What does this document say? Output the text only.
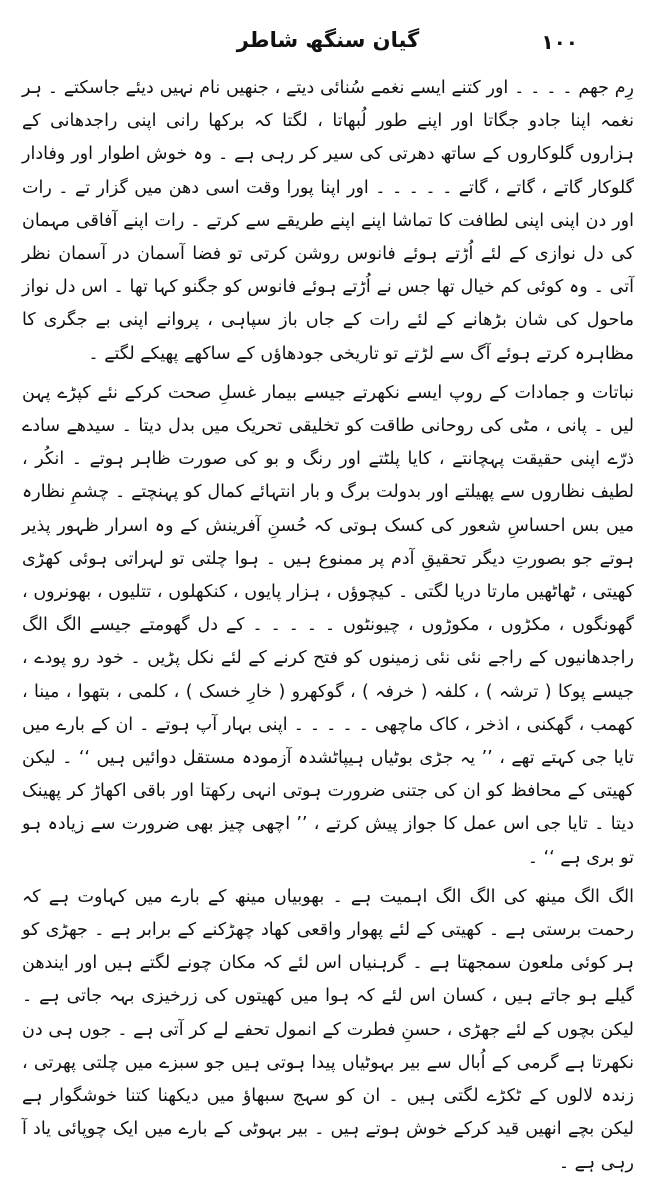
۱۰۰
گیان سنگھ شاطر

رِم جھم ۔ ۔ ۔ ۔ اور کتنے ایسے نغمے سُنائی دیتے ، جنھیں نام نہیں دیئے جاسکتے ۔ ہر نغمہ اپنا جادو جگاتا اور اپنے طور لُبھاتا ، لگتا کہ برکھا رانی اپنی راجدھانی کے ہزاروں گلوکاروں کے ساتھ دھرتی کی سیر کر رہی ہے ۔ وہ خوش اطوار اور وفادار گلوکار گاتے ، گاتے ، گاتے ۔ ۔ ۔ ۔ ۔ اور اپنا پورا وقت اسی دھن میں گزار تے ۔ رات اور دن اپنی اپنی لطافت کا تماشا اپنے اپنے طریقے سے کرتے ۔ رات اپنے آفاقی مہمان کی دل نوازی کے لئے اُڑتے ہوئے فانوس روشن کرتی تو فضا آسمان در آسمان نظر آتی ۔ وہ کوئی کم خیال تھا جس نے اُڑتے ہوئے فانوس کو جگنو کہا تھا ۔ اس دل نواز ماحول کی شان بڑھانے کے لئے رات کے جاں باز سپاہی ، پروانے اپنی بے جگری کا مظاہرہ کرتے ہوئے آگ سے لڑتے تو تاریخی جودھاؤں کے ساکھے پھیکے لگتے ۔

نباتات و جمادات کے روپ ایسے نکھرتے جیسے بیمار غسلِ صحت کرکے نئے کپڑے پہن لیں ۔ پانی ، مٹی کی روحانی طاقت کو تخلیقی تحریک میں بدل دیتا ۔ سیدھے سادے ذرّے اپنی حقیقت پہچانتے ، کایا پلٹتے اور رنگ و بو کی صورت ظاہر ہوتے ۔ انکُر ، لطیف نظاروں سے پھیلتے اور بدولت برگ و بار انتہائے کمال کو پہنچتے ۔ چشمِ نظارہ میں بس احساسِ شعور کی کسک ہوتی کہ حُسنِ آفرینش کے وہ اسرار ظہور پذیر ہوتے جو بصورتِ دیگر تحقیقِ آدم پر ممنوع ہیں ۔ ہوا چلتی تو لہراتی ہوئی کھڑی کھیتی ، ٹھاٹھیں مارتا دریا لگتی ۔ کیچوؤں ، ہزار پایوں ، کنکھلوں ، تتلیوں ، بھونروں ، گھونگوں ، مکڑوں ، مکوڑوں ، چیونٹوں ۔ ۔ ۔ ۔ ۔ کے دل گھومتے جیسے الگ الگ راجدھانیوں کے راجے نئی نئی زمینوں کو فتح کرنے کے لئے نکل پڑیں ۔ خود رو پودے ، جیسے پوکا ( ترشہ ) ، کلفہ ( خرفہ ) ، گوکھرو ( خارِ خسک ) ، کلمی ، بتھوا ، مینا ، کھمب ، گھکنی ، اذخر ، کاک ماچھی ۔ ۔ ۔ ۔ ۔ اپنی بہار آپ ہوتے ۔ ان کے بارے میں تایا جی کہتے تھے ، ’’ یہ جڑی بوٹیاں ہیپاٹشدہ آزمودہ مستقل دوائیں ہیں ‘‘ ۔ لیکن کھیتی کے محافظ کو ان کی جتنی ضرورت ہوتی انہی رکھتا اور باقی اکھاڑ کر پھینک دیتا ۔ تایا جی اس عمل کا جواز پیش کرتے ، ’’ اچھی چیز بھی ضرورت سے زیادہ ہو تو بری ہے ‘‘ ۔

الگ الگ مینھ کی الگ الگ اہمیت ہے ۔ بھوبیاں مینھ کے بارے میں کہاوت ہے کہ رحمت برستی ہے ۔ کھیتی کے لئے پھوار واقعی کھاد چھڑکنے کے برابر ہے ۔ جھڑی کو ہر کوئی ملعون سمجھتا ہے ۔ گرہنیاں اس لئے کہ مکان چونے لگتے ہیں اور ایندھن گیلے ہو جاتے ہیں ، کسان اس لئے کہ ہوا میں کھیتوں کی زرخیزی بہہ جاتی ہے ۔ لیکن بچوں کے لئے جھڑی ، حسنِ فطرت کے انمول تحفے لے کر آتی ہے ۔ جوں ہی دن نکھرتا ہے گرمی کے اُبال سے بیر بہوٹیاں پیدا ہوتی ہیں جو سبزے میں چلتی پھرتی ، زندہ لالوں کے ٹکڑے لگتی ہیں ۔ ان کو سہج سبھاؤ میں دیکھنا کتنا خوشگوار ہے لیکن بچے انھیں قید کرکے خوش ہوتے ہیں ۔ بیر بہوٹی کے بارے میں ایک چوپائی یاد آ رہی ہے ۔
